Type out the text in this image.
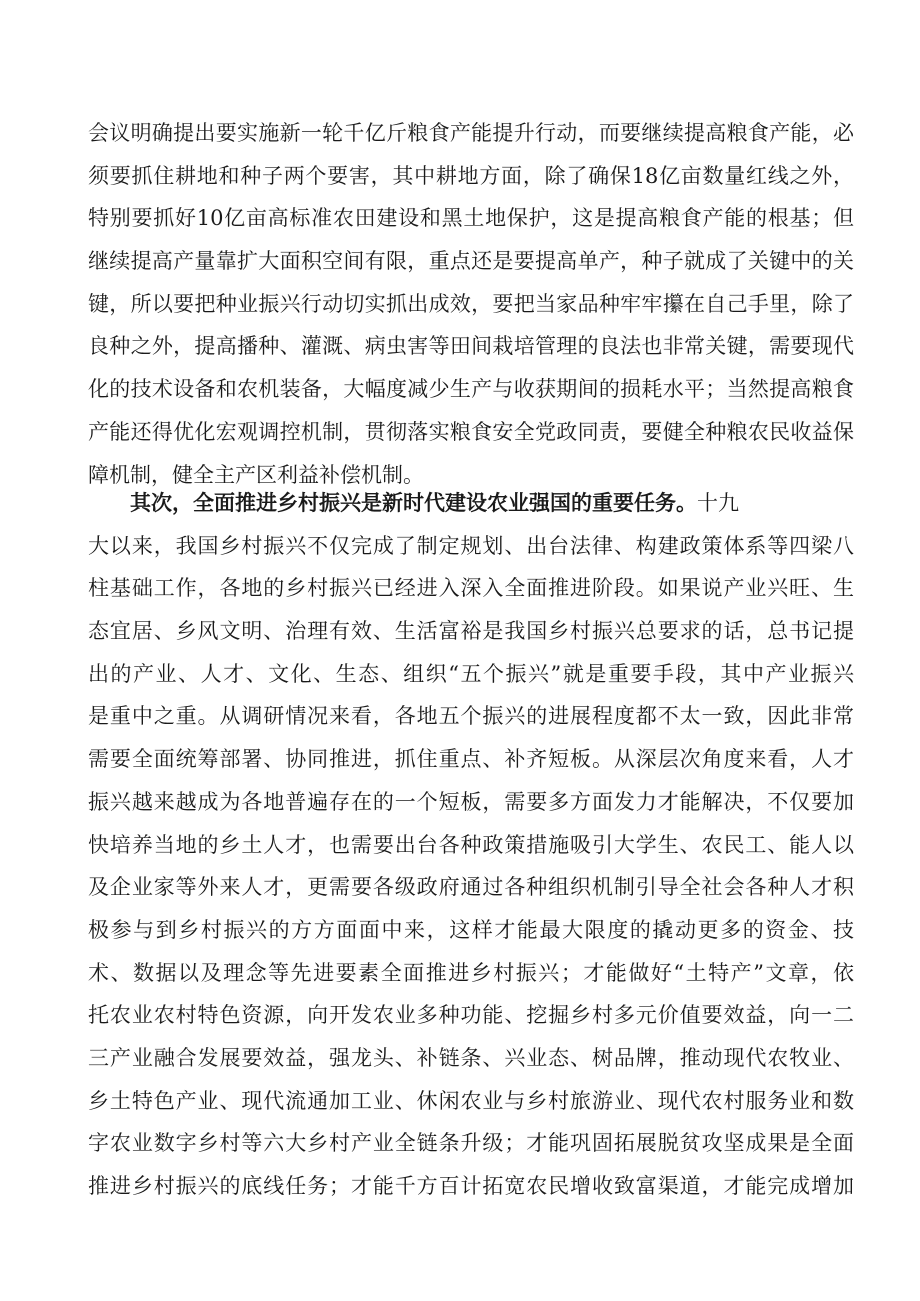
会议明确提出要实施新一轮千亿斤粮食产能提升行动，而要继续提高粮食产能，必
须要抓住耕地和种子两个要害，其中耕地方面，除了确保18亿亩数量红线之外，
特别要抓好10亿亩高标准农田建设和黑土地保护，这是提高粮食产能的根基；但
继续提高产量靠扩大面积空间有限，重点还是要提高单产，种子就成了关键中的关
键，所以要把种业振兴行动切实抓出成效，要把当家品种牢牢攥在自己手里，除了
良种之外，提高播种、灌溉、病虫害等田间栽培管理的良法也非常关键，需要现代
化的技术设备和农机装备，大幅度减少生产与收获期间的损耗水平；当然提高粮食
产能还得优化宏观调控机制，贯彻落实粮食安全党政同责，要健全种粮农民收益保
障机制，健全主产区利益补偿机制。
其次，全面推进乡村振兴是新时代建设农业强国的重要任务。十九
大以来，我国乡村振兴不仅完成了制定规划、出台法律、构建政策体系等四梁八
柱基础工作，各地的乡村振兴已经进入深入全面推进阶段。如果说产业兴旺、生
态宜居、乡风文明、治理有效、生活富裕是我国乡村振兴总要求的话，总书记提
出的产业、人才、文化、生态、组织“五个振兴”就是重要手段，其中产业振兴
是重中之重。从调研情况来看，各地五个振兴的进展程度都不太一致，因此非常
需要全面统筹部署、协同推进，抓住重点、补齐短板。从深层次角度来看，人才
振兴越来越成为各地普遍存在的一个短板，需要多方面发力才能解决，不仅要加
快培养当地的乡土人才，也需要出台各种政策措施吸引大学生、农民工、能人以
及企业家等外来人才，更需要各级政府通过各种组织机制引导全社会各种人才积
极参与到乡村振兴的方方面面中来，这样才能最大限度的撬动更多的资金、技
术、数据以及理念等先进要素全面推进乡村振兴；才能做好“土特产”文章，依
托农业农村特色资源，向开发农业多种功能、挖掘乡村多元价值要效益，向一二
三产业融合发展要效益，强龙头、补链条、兴业态、树品牌，推动现代农牧业、
乡土特色产业、现代流通加工业、休闲农业与乡村旅游业、现代农村服务业和数
字农业数字乡村等六大乡村产业全链条升级；才能巩固拓展脱贫攻坚成果是全面
推进乡村振兴的底线任务；才能千方百计拓宽农民增收致富渠道，才能完成增加
